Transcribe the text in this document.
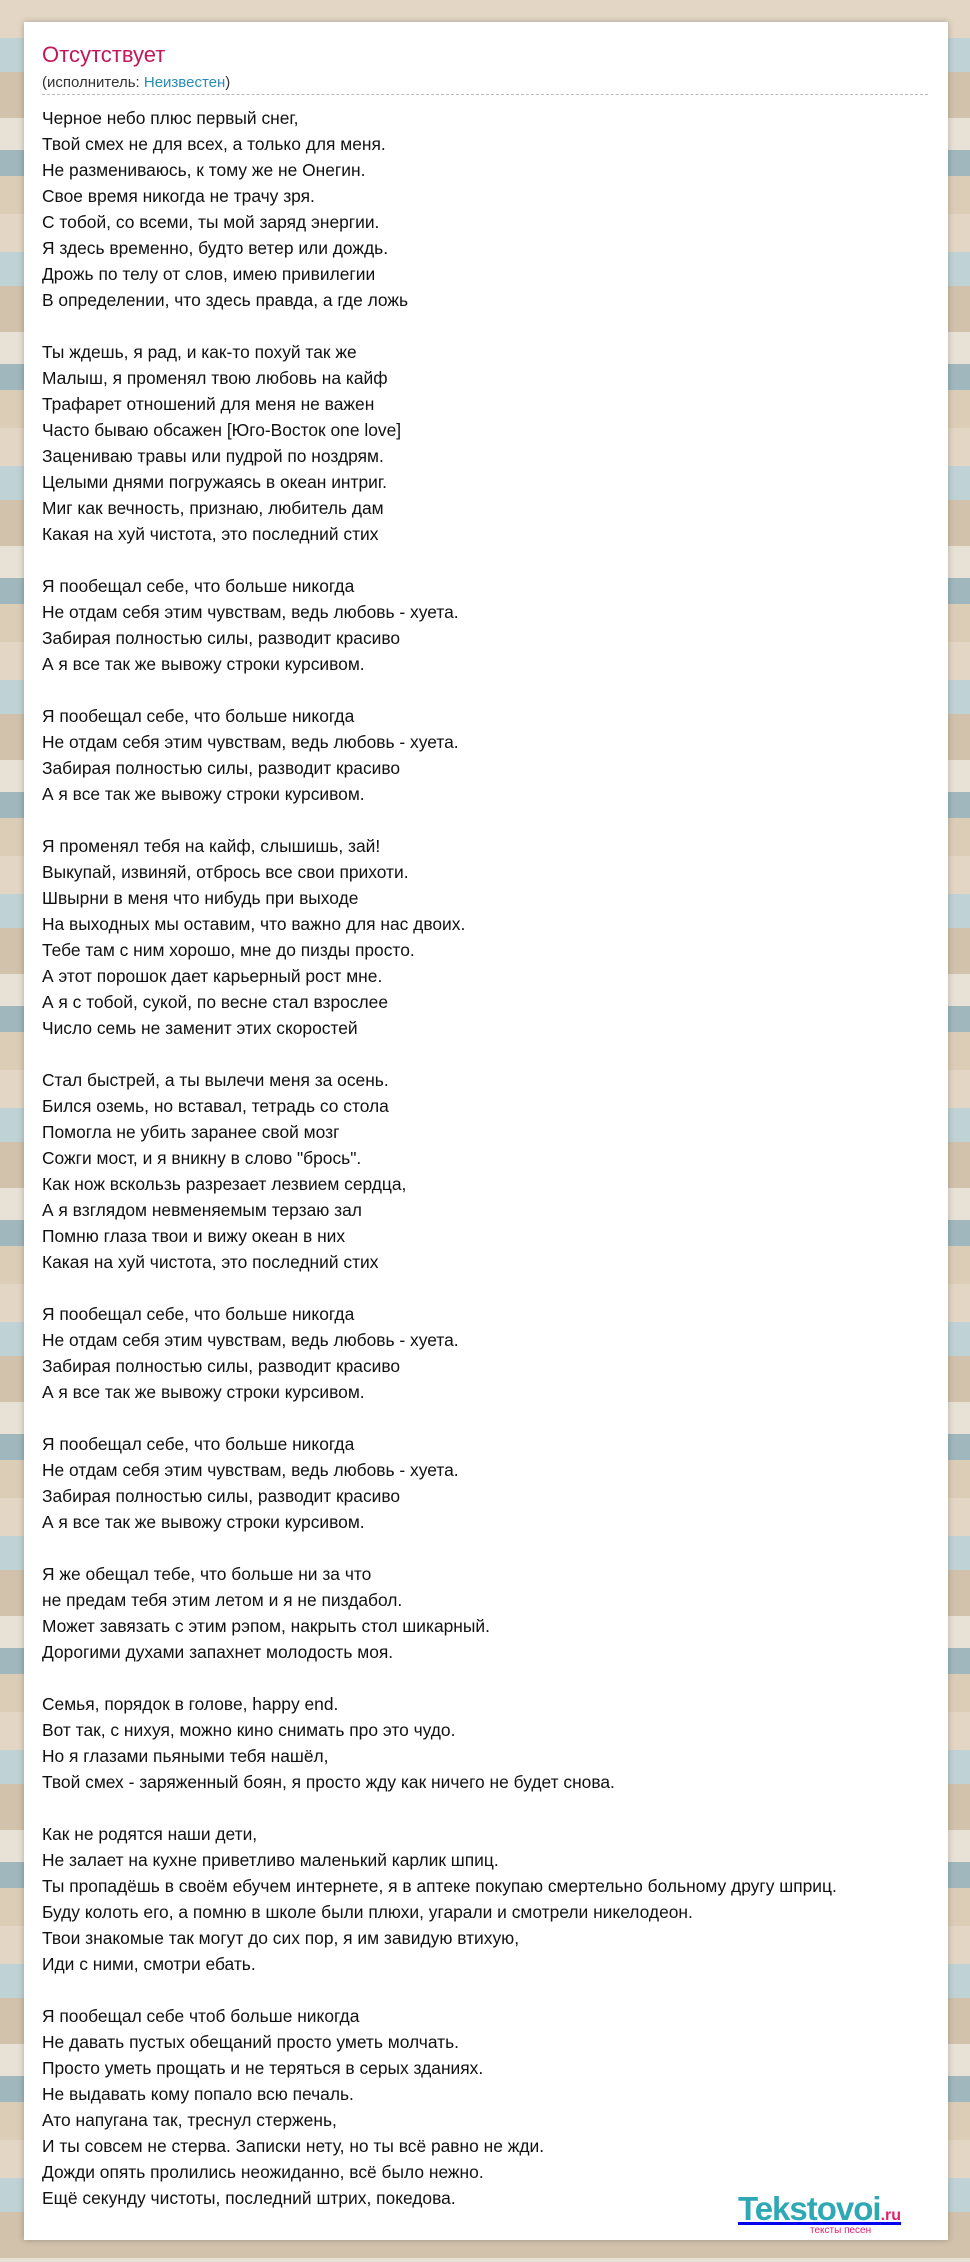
Отсутствует
(исполнитель: Неизвестен)
Черное небо плюс первый снег,
Твой смех не для всех, а только для меня.
Не размениваюсь, к тому же не Онегин.
Свое время никогда не трачу зря.
С тобой, со всеми, ты мой заряд энергии.
Я здесь временно, будто ветер или дождь.
Дрожь по телу от слов, имею привилегии
В определении, что здесь правда, а где ложь

Ты ждешь, я рад, и как-то похуй так же
Малыш, я променял твою любовь на кайф
Трафарет отношений для меня не важен
Часто бываю обсажен [Юго-Восток one love]
Зацениваю травы или пудрой по ноздрям.
Целыми днями погружаясь в океан интриг.
Миг как вечность, признаю, любитель дам
Какая на хуй чистота, это последний стих

Я пообещал себе, что больше никогда
Не отдам себя этим чувствам, ведь любовь - хуета.
Забирая полностью силы, разводит красиво
А я все так же вывожу строки курсивом.

Я пообещал себе, что больше никогда
Не отдам себя этим чувствам, ведь любовь - хуета.
Забирая полностью силы, разводит красиво
А я все так же вывожу строки курсивом.

Я променял тебя на кайф, слышишь, зай!
Выкупай, извиняй, отбрось все свои прихоти.
Швырни в меня что нибудь при выходе
На выходных мы оставим, что важно для нас двоих.
Тебе там с ним хорошо, мне до пизды просто.
А этот порошок дает карьерный рост мне.
А я с тобой, сукой, по весне стал взрослее
Число семь не заменит этих скоростей

Стал быстрей, а ты вылечи меня за осень.
Бился оземь, но вставал, тетрадь со стола
Помогла не убить заранее свой мозг
Сожги мост, и я вникну в слово "брось".
Как нож вскользь разрезает лезвием сердца,
А я взглядом невменяемым терзаю зал
Помню глаза твои и вижу океан в них
Какая на хуй чистота, это последний стих

Я пообещал себе, что больше никогда
Не отдам себя этим чувствам, ведь любовь - хуета.
Забирая полностью силы, разводит красиво
А я все так же вывожу строки курсивом.

Я пообещал себе, что больше никогда
Не отдам себя этим чувствам, ведь любовь - хуета.
Забирая полностью силы, разводит красиво
А я все так же вывожу строки курсивом.

Я же обещал тебе, что больше ни за что
не предам тебя этим летом и я не пиздабол.
Может завязать с этим рэпом, накрыть стол шикарный.
Дорогими духами запахнет молодость моя.

Семья, порядок в голове, happy end.
Вот так, с нихуя, можно кино снимать про это чудо.
Но я глазами пьяными тебя нашёл,
Твой смех - заряженный боян, я просто жду как ничего не будет снова.

Как не родятся наши дети,
Не залает на кухне приветливо маленький карлик шпиц.
Ты пропадёшь в своём ебучем интернете, я в аптеке покупаю смертельно больному другу шприц.
Буду колоть его, а помню в школе были плюхи, угарали и смотрели никелодеон.
Твои знакомые так могут до сих пор, я им завидую втихую,
Иди с ними, смотри ебать.

Я пообещал себе чтоб больше никогда
Не давать пустых обещаний просто уметь молчать.
Просто уметь прощать и не теряться в серых зданиях.
Не выдавать кому попало всю печаль.
Ато напугана так, треснул стержень,
И ты совсем не стерва. Записки нету, но ты всё равно не жди.
Дожди опять пролились неожиданно, всё было нежно.
Ещё секунду чистоты, последний штрих, покедова.	Tekstovoi.ru
тексты песен
